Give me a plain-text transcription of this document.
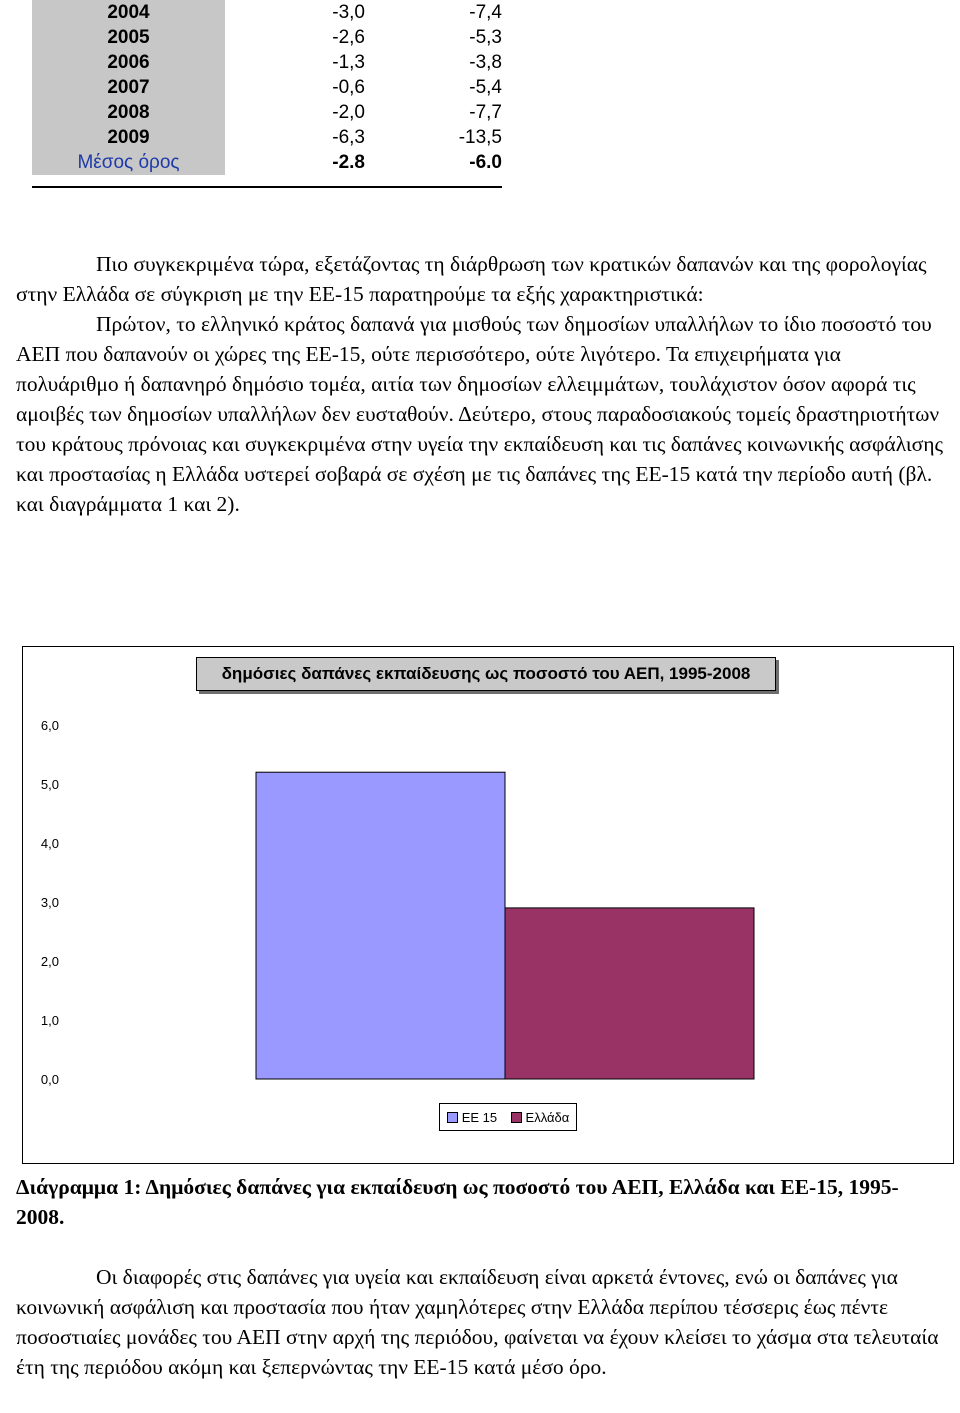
2004	-3,0	-7,4
2005	-2,6	-5,3
2006	-1,3	-3,8
2007	-0,6	-5,4
2008	-2,0	-7,7
2009	-6,3	-13,5
Μέσος όρος	-2.8	-6.0

Πιο συγκεκριμένα τώρα, εξετάζοντας τη διάρθρωση των κρατικών δαπανών και της φορολογίας στην Ελλάδα σε σύγκριση με την ΕΕ-15 παρατηρούμε τα εξής χαρακτηριστικά:

Πρώτον, το ελληνικό κράτος δαπανά για μισθούς των δημοσίων υπαλλήλων το ίδιο ποσοστό του ΑΕΠ που δαπανούν οι χώρες της ΕΕ-15, ούτε περισσότερο, ούτε λιγότερο. Τα επιχειρήματα για πολυάριθμο ή δαπανηρό δημόσιο τομέα, αιτία των δημοσίων ελλειμμάτων, τουλάχιστον όσον αφορά τις αμοιβές των δημοσίων υπαλλήλων δεν ευσταθούν. Δεύτερο, στους παραδοσιακούς τομείς δραστηριοτήτων του κράτους πρόνοιας και συγκεκριμένα στην υγεία την εκπαίδευση και τις δαπάνες κοινωνικής ασφάλισης και προστασίας η Ελλάδα υστερεί σοβαρά σε σχέση με τις δαπάνες της ΕΕ-15 κατά την περίοδο αυτή (βλ. και διαγράμματα 1 και 2).

0,0
1,0
2,0
3,0
4,0
5,0
6,0
δημόσιες δαπάνες εκπαίδευσης ως ποσοστό του ΑΕΠ, 1995-2008
ΕΕ 15 Ελλάδα
Διάγραμμα 1: Δημόσιες δαπάνες για εκπαίδευση ως ποσοστό του ΑΕΠ, Ελλάδα και ΕΕ-15, 1995-2008.

Οι διαφορές στις δαπάνες για υγεία και εκπαίδευση είναι αρκετά έντονες, ενώ οι δαπάνες για κοινωνική ασφάλιση και προστασία που ήταν χαμηλότερες στην Ελλάδα περίπου τέσσερις έως πέντε ποσοστιαίες μονάδες του ΑΕΠ στην αρχή της περιόδου, φαίνεται να έχουν κλείσει το χάσμα στα τελευταία έτη της περιόδου ακόμη και ξεπερνώντας την ΕΕ-15 κατά μέσο όρο.
